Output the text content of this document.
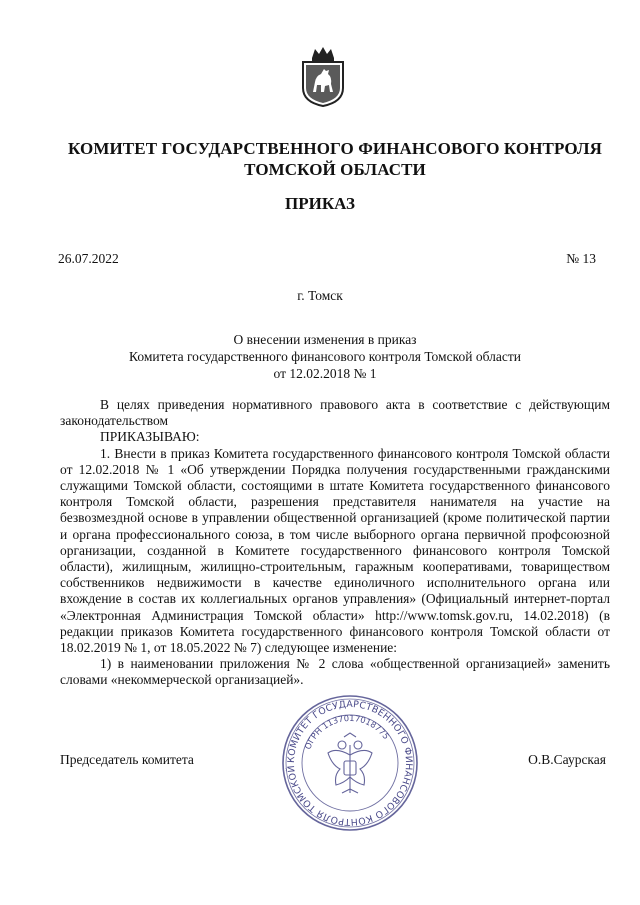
КОМИТЕТ ГОСУДАРСТВЕННОГО ФИНАНСОВОГО КОНТРОЛЯ
ТОМСКОЙ ОБЛАСТИ
ПРИКАЗ
26.07.2022	№ 13
г. Томск
О внесении изменения в приказ
Комитета государственного финансового контроля Томской области
от 12.02.2018 № 1

В целях приведения нормативного правового акта в соответствие с действующим законодательством

ПРИКАЗЫВАЮ:

1. Внести в приказ Комитета государственного финансового контроля Томской области от 12.02.2018 № 1 «Об утверждении Порядка получения государственными гражданскими служащими Томской области, состоящими в штате Комитета государственного финансового контроля Томской области, разрешения представителя нанимателя на участие на безвозмездной основе в управлении общественной организацией (кроме политической партии и органа профессионального союза, в том числе выборного органа первичной профсоюзной организации, созданной в Комитете государственного финансового контроля Томской области), жилищным, жилищно-строительным, гаражным кооперативами, товариществом собственников недвижимости в качестве единоличного исполнительного органа или вхождение в состав их коллегиальных органов управления» (Официальный интернет-портал «Электронная Администрация Томской области» http://www.tomsk.gov.ru, 14.02.2018) (в редакции приказов Комитета государственного финансового контроля Томской области от 18.02.2019 № 1, от 18.05.2022 № 7) следующее изменение:

1) в наименовании приложения № 2 слова «общественной организацией» заменить словами «некоммерческой организацией».

Председатель комитета	О.В.Саурская
КОМИТЕТ ГОСУДАРСТВЕННОГО ФИНАНСОВОГО КОНТРОЛЯ ТОМСКОЙ
ОГРН 1137017018775
